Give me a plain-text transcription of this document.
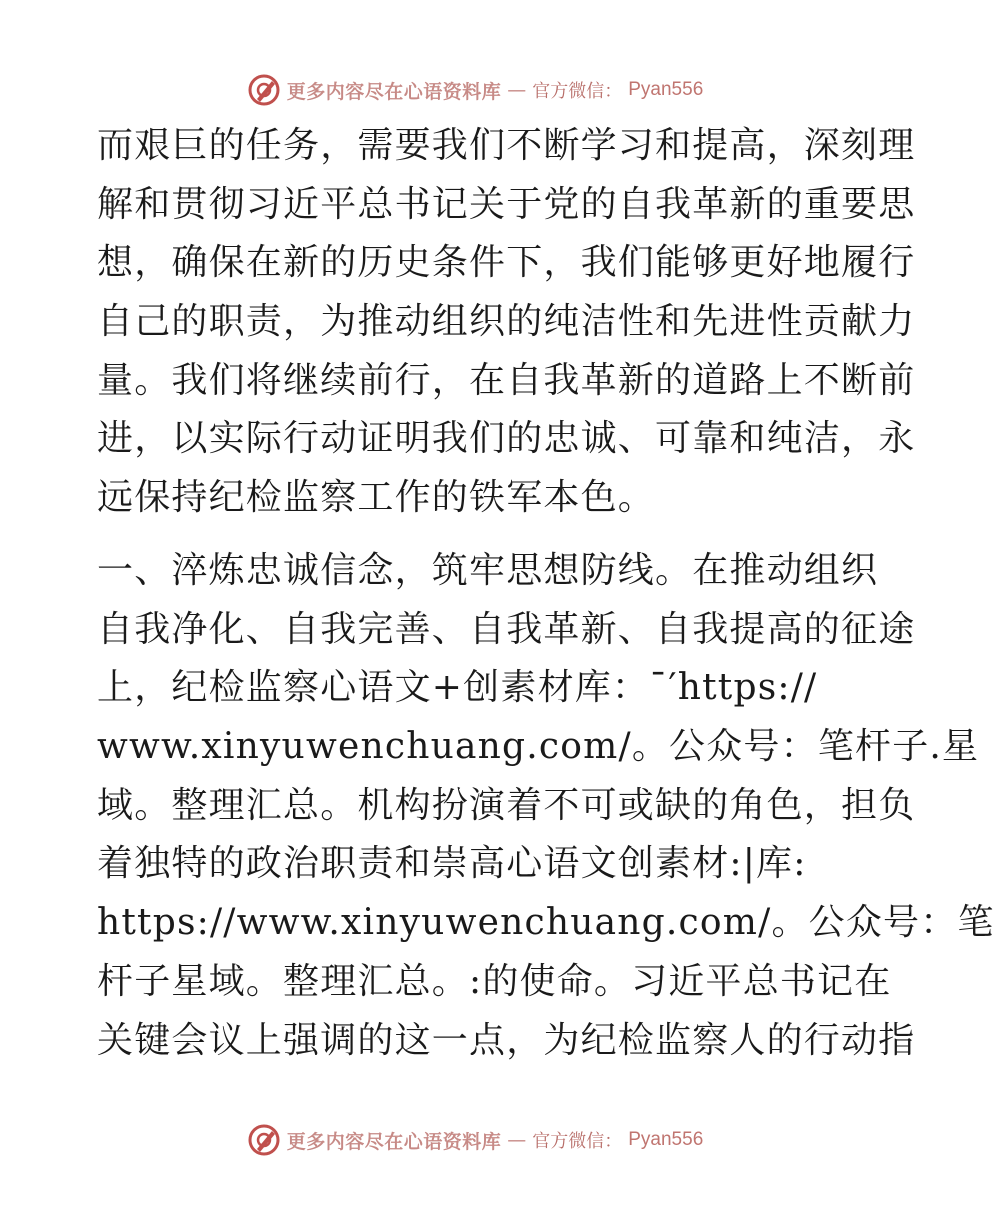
更多内容尽在心语资料库 — 官方微信： Pyan556
而艰巨的任务，需要我们不断学习和提高，深刻理
解和贯彻习近平总书记关于党的自我革新的重要思
想，确保在新的历史条件下，我们能够更好地履行
自己的职责，为推动组织的纯洁性和先进性贡献力
量。我们将继续前行，在自我革新的道路上不断前
进，以实际行动证明我们的忠诚、可靠和纯洁，永
远保持纪检监察工作的铁军本色。
一、淬炼忠诚信念，筑牢思想防线。在推动组织
自我净化、自我完善、自我革新、自我提高的征途
上，纪检监察心语文+创素材库：¯′https://
www.xinyuwenchuang.com/。公众号：笔杆子.星
域。整理汇总。机构扮演着不可或缺的角色，担负
着独特的政治职责和崇高心语文创素材:|库:
https://www.xinyuwenchuang.com/。公众号：笔
杆子星域。整理汇总。:的使命。习近平总书记在
关键会议上强调的这一点，为纪检监察人的行动指
更多内容尽在心语资料库 — 官方微信： Pyan556
